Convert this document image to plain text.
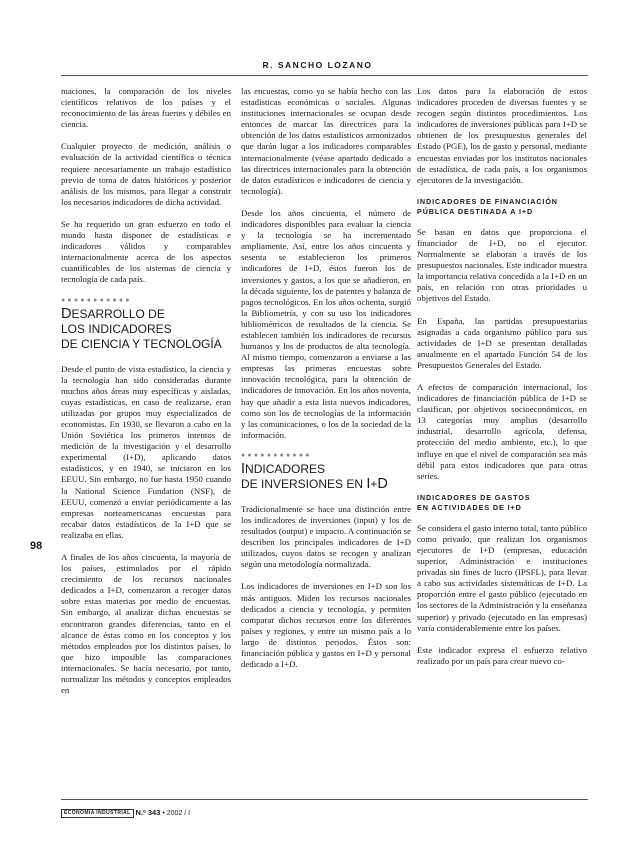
R. SANCHO LOZANO

maciones, la comparación de los niveles científicos relativos de los países y el reconocimiento de las áreas fuertes y débiles en ciencia.

Cualquier proyecto de medición, análisis o evaluación de la actividad científica o técnica requiere necesariamente un trabajo estadístico previo de toma de datos históricos y posterior análisis de los mismos, para llegar a construir los necesarios indicadores de dicha actividad.

Se ha requerido un gran esfuerzo en todo el mundo hasta disponer de estadísticas e indicadores válidos y comparables internacionalmente acerca de los aspectos cuantificables de los sistemas de ciencia y tecnología de cada país.

●●●●●●●●●●●
DESARROLLO DE
LOS INDICADORES
DE CIENCIA Y TECNOLOGÍA

Desde el punto de vista estadístico, la ciencia y la tecnología han sido consideradas durante muchos años áreas muy específicas y aisladas, cuyas estadísticas, en caso de realizarse, eran utilizadas por grupos muy especializados de economistas. En 1930, se llevaron a cabo en la Unión Soviética los primeros intentos de medición de la investigación y el desarrollo experimental (I+D), aplicando datos estadísticos, y en 1940, se iniciaron en los EEUU. Sin embargo, no fue hasta 1950 cuando la National Science Fundation (NSF), de EEUU, comenzó a enviar periódicamente a las empresas norteamericanas encuestas para recabar datos estadísticos de la I+D que se realizaba en ellas.

A finales de los años cincuenta, la mayoría de los países, estimulados por el rápido crecimiento de los recursos nacionales dedicados a I+D, comenzaron a recoger datos sobre estas materias por medio de encuestas. Sin embargo, al analizar dichas encuestas se encontraron grandes diferencias, tanto en el alcance de éstas como en los conceptos y los métodos empleados por los distintos países, lo que hizo imposible las comparaciones internacionales. Se hacía necesario, por tanto, normalizar los métodos y conceptos empleados en

las encuestas, como ya se había hecho con las estadísticas económicas o sociales. Algunas instituciones internacionales se ocupan desde entonces de marcar las directrices para la obtención de los datos estadísticos armonizados que darán lugar a los indicadores comparables internacionalmente (véase apartado dedicado a las directrices internacionales para la obtención de datos estadísticos e indicadores de ciencia y tecnología).

Desde los años cincuenta, el número de indicadores disponibles para evaluar la ciencia y la tecnología se ha incrementado ampliamente. Así, entre los años cincuenta y sesenta se establecieron los primeros indicadores de I+D, éstos fueron los de inversiones y gastos, a los que se añadieron, en la década siguiente, los de patentes y balanza de pagos tecnológicos. En los años ochenta, surgió la Bibliometría, y con su uso los indicadores bibliométricos de resultados de la ciencia. Se establecen también los indicadores de recursos humanos y los de productos de alta tecnología. Al mismo tiempo, comenzaron a enviarse a las empresas las primeras encuestas sobre innovación tecnológica, para la obtención de indicadores de innovación. En los años noventa, hay que añadir a esta lista nuevos indicadores, como son los de tecnologías de la información y las comunicaciones, o los de la sociedad de la información.

●●●●●●●●●●●
INDICADORES
DE INVERSIONES EN I+D

Tradicionalmente se hace una distinción entre los indicadores de inversiones (input) y los de resultados (output) e impacto. A continuación se describen los principales indicadores de I+D utilizados, cuyos datos se recogen y analizan según una metodología normalizada.

Los indicadores de inversiones en I+D son los más antiguos. Miden los recursos nacionales dedicados a ciencia y tecnología, y permiten comparar dichos recursos entre los diferentes países y regiones, y entre un mismo país a lo largo de distintos periodos. Éstos son: financiación pública y gastos en I+D y personal dedicado a I+D.

Los datos para la elaboración de estos indicadores proceden de diversas fuentes y se recogen según distintos procedimientos. Los indicadores de inversiones públicas para I+D se obtienen de los presupuestos generales del Estado (PGE), los de gasto y personal, mediante encuestas enviadas por los institutos nacionales de estadística, de cada país, a los organismos ejecutores de la investigación.

INDICADORES DE FINANCIACIÓN
PÚBLICA DESTINADA A I+D

Se basan en datos que proporciona el financiador de I+D, no el ejecutor. Normalmente se elaboran a través de los presupuestos nacionales. Este indicador muestra la importancia relativa concedida a la I+D en un país, en relación con otras prioridades u objetivos del Estado.

En España, las partidas presupuestarias asignadas a cada organismo público para sus actividades de I+D se presentan detalladas anualmente en el apartado Función 54 de los Presupuestos Generales del Estado.

A efectos de comparación internacional, los indicadores de financiación pública de I+D se clasifican, por objetivos socioeconómicos, en 13 categorías muy amplias (desarrollo industrial, desarrollo agrícola, defensa, protección del medio ambiente, etc.), lo que influye en que el nivel de comparación sea más débil para estos indicadores que para otras series.

INDICADORES DE GASTOS
EN ACTIVIDADES DE I+D

Se considera el gasto interno total, tanto público como privado, que realizan los organismos ejecutores de I+D (empresas, educación superior, Administración e instituciones privadas sin fines de lucro (IPSFL), para llevar a cabo sus actividades sistemáticas de I+D. La proporción entre el gasto público (ejecutado en los sectores de la Administración y la enseñanza superior) y privado (ejecutado en las empresas) varía considerablemente entre los países.

Este indicador expresa el esfuerzo relativo realizado por un país para crear nuevo co-

98
ECONOMÍA INDUSTRIAL N.º 343 • 2002 / I
